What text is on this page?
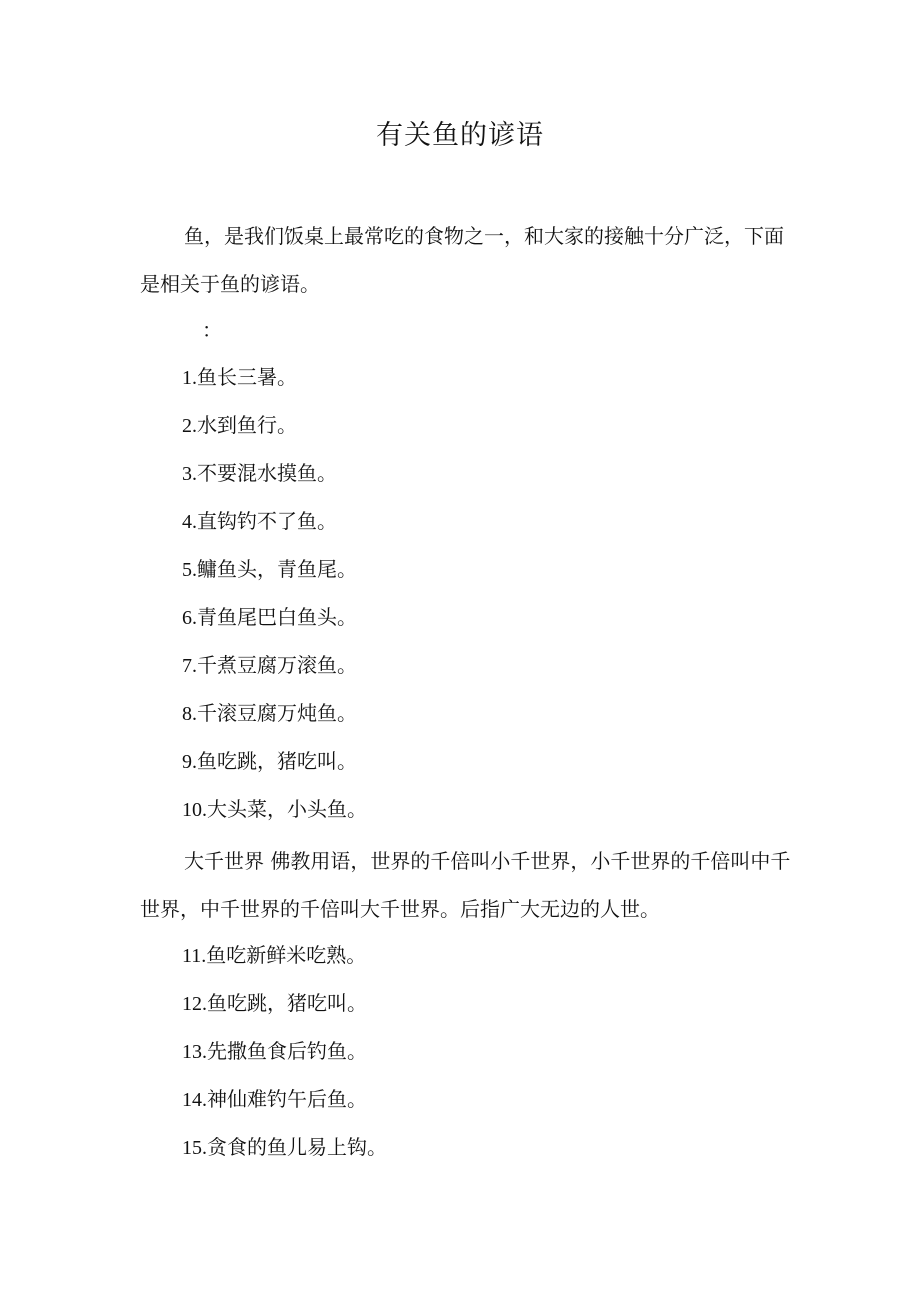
有关鱼的谚语
鱼，是我们饭桌上最常吃的食物之一，和大家的接触十分广泛，下面是相关于鱼的谚语。
：
1.鱼长三暑。
2.水到鱼行。
3.不要混水摸鱼。
4.直钩钓不了鱼。
5.鳙鱼头，青鱼尾。
6.青鱼尾巴白鱼头。
7.千煮豆腐万滚鱼。
8.千滚豆腐万炖鱼。
9.鱼吃跳，猪吃叫。
10.大头菜，小头鱼。
大千世界 佛教用语，世界的千倍叫小千世界，小千世界的千倍叫中千世界，中千世界的千倍叫大千世界。后指广大无边的人世。
11.鱼吃新鲜米吃熟。
12.鱼吃跳，猪吃叫。
13.先撒鱼食后钓鱼。
14.神仙难钓午后鱼。
15.贪食的鱼儿易上钩。
